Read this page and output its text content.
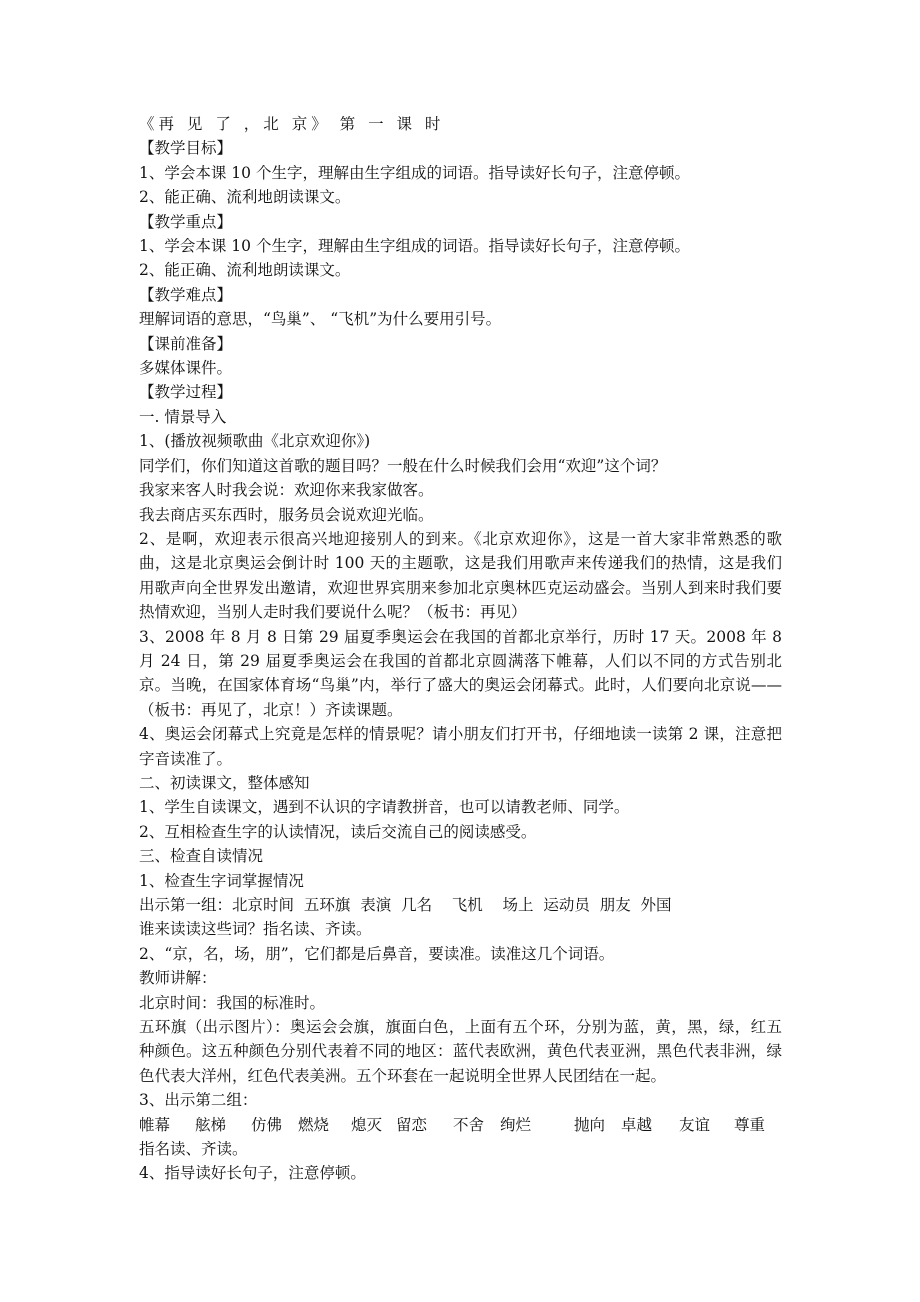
《再 见 了 ，北 京》 第 一 课 时
【教学目标】
1、学会本课 10 个生字，理解由生字组成的词语。指导读好长句子，注意停顿。
2、能正确、流利地朗读课文。
【教学重点】
1、学会本课 10 个生字，理解由生字组成的词语。指导读好长句子，注意停顿。
2、能正确、流利地朗读课文。
【教学难点】
理解词语的意思，“鸟巢”、 “飞机”为什么要用引号。
【课前准备】
多媒体课件。
【教学过程】
一. 情景导入
1、(播放视频歌曲《北京欢迎你》)
同学们，你们知道这首歌的题目吗？一般在什么时候我们会用“欢迎”这个词？
我家来客人时我会说：欢迎你来我家做客。
我去商店买东西时，服务员会说欢迎光临。
2、是啊，欢迎表示很高兴地迎接别人的到来。《北京欢迎你》，这是一首大家非常熟悉的歌曲，这是北京奥运会倒计时 100 天的主题歌，这是我们用歌声来传递我们的热情，这是我们用歌声向全世界发出邀请，欢迎世界宾朋来参加北京奥林匹克运动盛会。当别人到来时我们要热情欢迎，当别人走时我们要说什么呢？（板书：再见）
3、2008 年 8 月 8 日第 29 届夏季奥运会在我国的首都北京举行，历时 17 天。2008 年 8 月 24 日，第 29 届夏季奥运会在我国的首都北京圆满落下帷幕，人们以不同的方式告别北京。当晚，在国家体育场“鸟巢”内，举行了盛大的奥运会闭幕式。此时，人们要向北京说——（板书：再见了，北京！）齐读课题。
4、奥运会闭幕式上究竟是怎样的情景呢？请小朋友们打开书，仔细地读一读第 2 课，注意把字音读准了。
二、初读课文，整体感知
1、学生自读课文，遇到不认识的字请教拼音，也可以请教老师、同学。
2、互相检查生字的认读情况，读后交流自己的阅读感受。
三、检查自读情况
1、检查生字词掌握情况
出示第一组：北京时间  五环旗  表演  几名    飞机    场上  运动员  朋友  外国
谁来读读这些词？指名读、齐读。
2、“京，名，场，朋”，它们都是后鼻音，要读准。读准这几个词语。
教师讲解：
北京时间：我国的标准时。
五环旗（出示图片）：奥运会会旗，旗面白色，上面有五个环，分别为蓝，黄，黑，绿，红五种颜色。这五种颜色分别代表着不同的地区：蓝代表欧洲，黄色代表亚洲，黑色代表非洲，绿色代表大洋州，红色代表美洲。五个环套在一起说明全世界人民团结在一起。
3、出示第二组：
帷幕	舷梯	仿佛	燃烧	熄灭 留恋	不舍	绚烂	抛向	卓越	友谊	尊重
指名读、齐读。
4、指导读好长句子，注意停顿。
